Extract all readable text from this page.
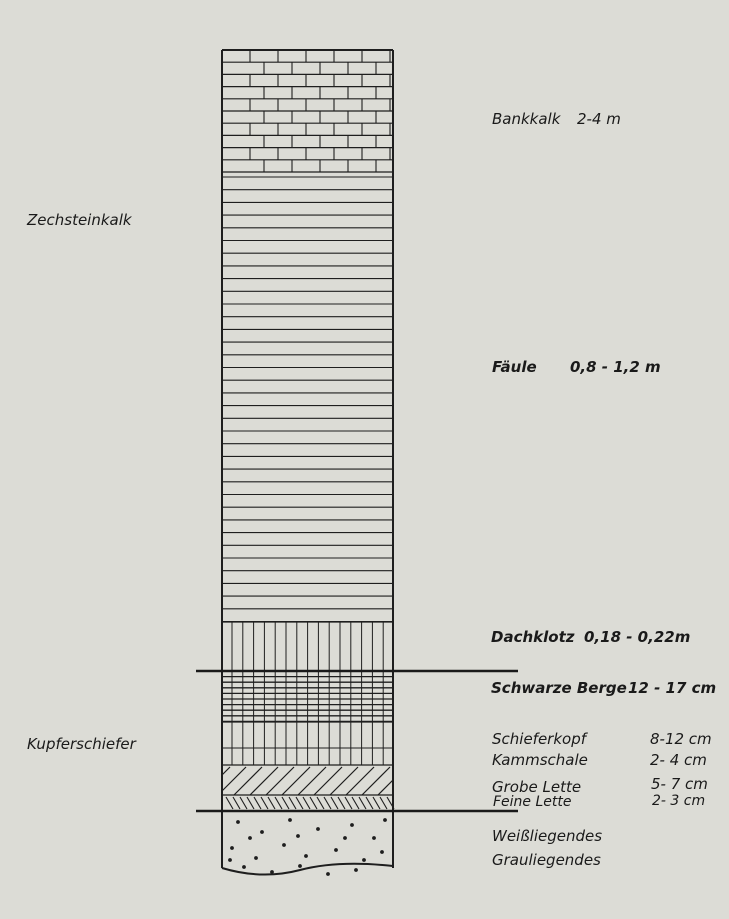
Zechsteinkalk
Kupferschiefer
Bankkalk 2-4 m
Fäule 0,8 - 1,2 m
Dachklotz 0,18 - 0,22m
Schwarze Berge 12 - 17 cm
Schieferkopf	8-12 cm
Kammschale	2- 4 cm
Grobe Lette	5- 7 cm
Feine Lette	2- 3 cm
Weißliegendes
Grauliegendes
